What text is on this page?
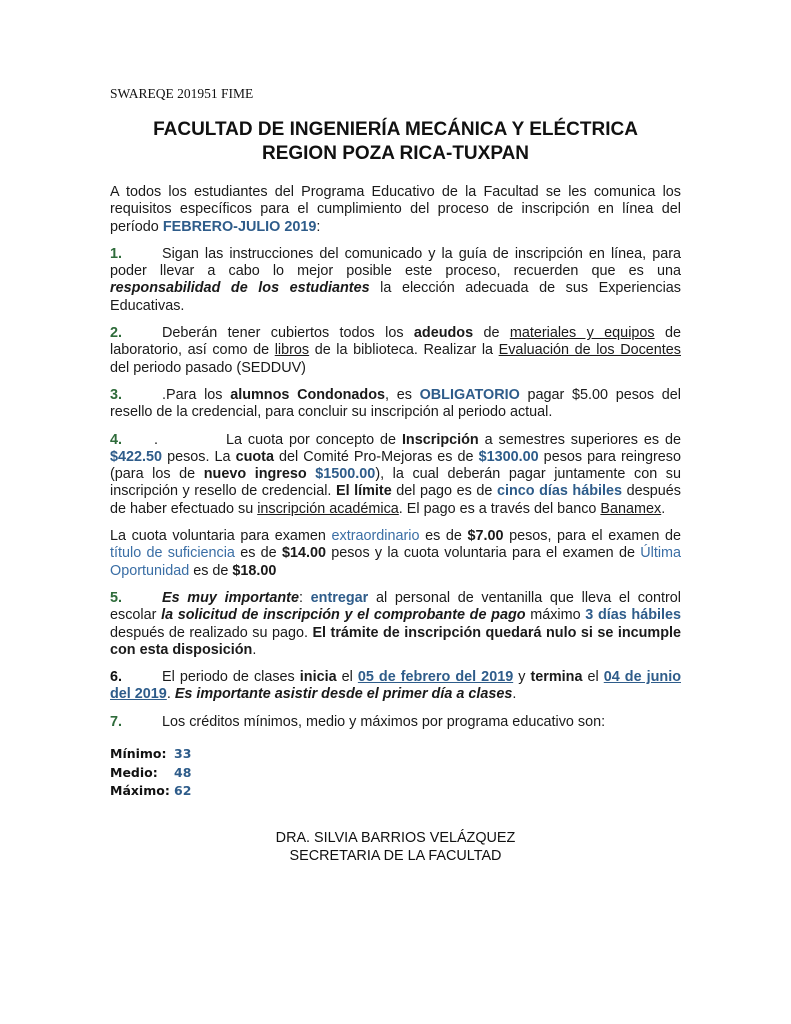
SWAREQE 201951 FIME
FACULTAD DE INGENIERÍA MECÁNICA Y ELÉCTRICA
REGION POZA RICA-TUXPAN

A todos los estudiantes del Programa Educativo de la Facultad se les comunica los requisitos específicos para el cumplimiento del proceso de inscripción en línea del período FEBRERO-JULIO 2019:

1.	Sigan las instrucciones del comunicado y la guía de inscripción en línea, para poder llevar a cabo lo mejor posible este proceso, recuerden que es una responsabilidad de los estudiantes la elección adecuada de sus Experiencias Educativas.

2.	Deberán tener cubiertos todos los adeudos de materiales y equipos de laboratorio, así como de libros de la biblioteca. Realizar la Evaluación de los Docentes del periodo pasado (SEDDUV)

3.	.Para los alumnos Condonados, es OBLIGATORIO pagar $5.00 pesos del resello de la credencial, para concluir su inscripción al periodo actual.

4. .	La cuota por concepto de Inscripción a semestres superiores es de $422.50 pesos. La cuota del Comité Pro-Mejoras es de $1300.00 pesos para reingreso (para los de nuevo ingreso $1500.00), la cual deberán pagar juntamente con su inscripción y resello de credencial. El límite del pago es de cinco días hábiles después de haber efectuado su inscripción académica. El pago es a través del banco Banamex.

La cuota voluntaria para examen extraordinario es de $7.00 pesos, para el examen de título de suficiencia es de $14.00 pesos y la cuota voluntaria para el examen de Última Oportunidad es de $18.00

5.	Es muy importante: entregar al personal de ventanilla que lleva el control escolar la solicitud de inscripción y el comprobante de pago máximo 3 días hábiles después de realizado su pago. El trámite de inscripción quedará nulo si se incumple con esta disposición.

6.	El periodo de clases inicia el 05 de febrero del 2019 y termina el 04 de junio del 2019. Es importante asistir desde el primer día a clases.

7.	Los créditos mínimos, medio y máximos por programa educativo son:

Mínimo: 33
Medio:	48
Máximo: 62
DRA. SILVIA BARRIOS VELÁZQUEZ
SECRETARIA DE LA FACULTAD
